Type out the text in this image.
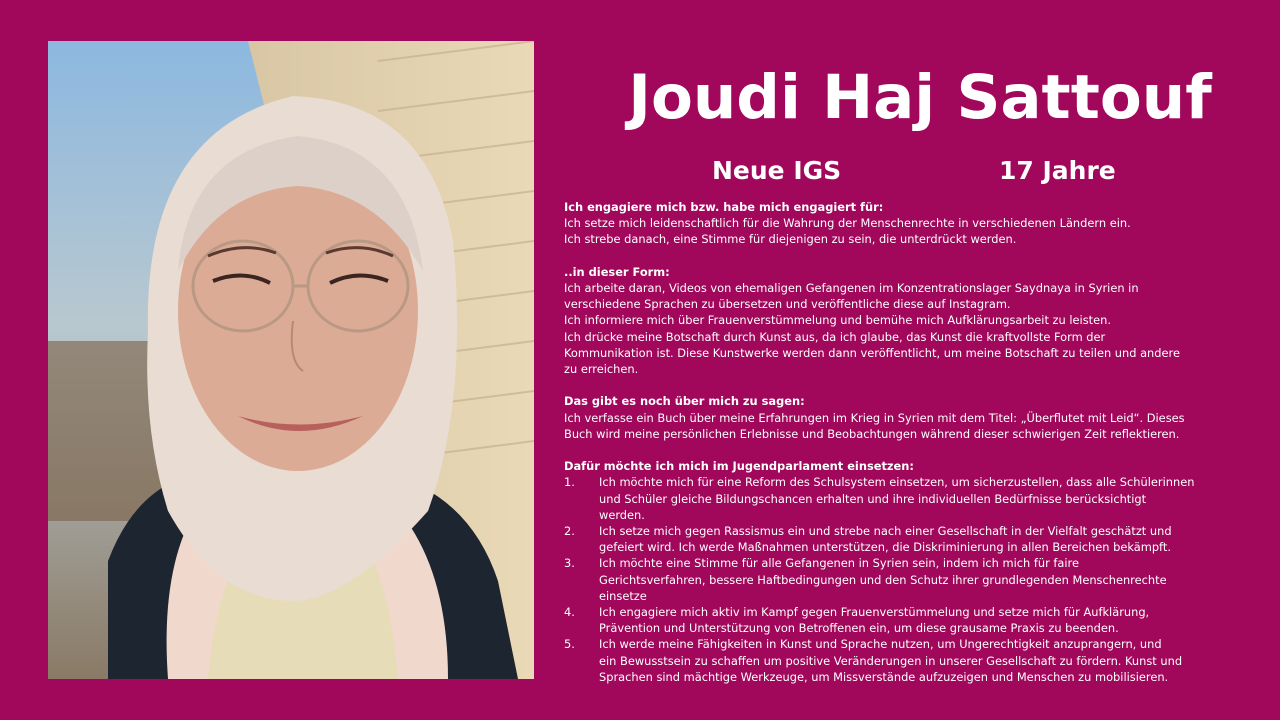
Joudi Haj Sattouf
Neue IGS	17 Jahre

Ich engagiere mich bzw. habe mich engagiert für:

Ich setze mich leidenschaftlich für die Wahrung der Menschenrechte in verschiedenen Ländern ein.

Ich strebe danach, eine Stimme für diejenigen zu sein, die unterdrückt werden.

..in dieser Form:

Ich arbeite daran, Videos von ehemaligen Gefangenen im Konzentrationslager Saydnaya in Syrien in

verschiedene Sprachen zu übersetzen und veröffentliche diese auf Instagram.

Ich informiere mich über Frauenverstümmelung und bemühe mich Aufklärungsarbeit zu leisten.

Ich drücke meine Botschaft durch Kunst aus, da ich glaube, das Kunst die kraftvollste Form der

Kommunikation ist. Diese Kunstwerke werden dann veröffentlicht, um meine Botschaft zu teilen und andere

zu erreichen.

Das gibt es noch über mich zu sagen:

Ich verfasse ein Buch über meine Erfahrungen im Krieg in Syrien mit dem Titel: „Überflutet mit Leid“. Dieses

Buch wird meine persönlichen Erlebnisse und Beobachtungen während dieser schwierigen Zeit reflektieren.

Dafür möchte ich mich im Jugendparlament einsetzen:

1. Ich möchte mich für eine Reform des Schulsystem einsetzen, um sicherzustellen, dass alle Schülerinnen

und Schüler gleiche Bildungschancen erhalten und ihre individuellen Bedürfnisse berücksichtigt

werden.

2. Ich setze mich gegen Rassismus ein und strebe nach einer Gesellschaft in der Vielfalt geschätzt und

gefeiert wird. Ich werde Maßnahmen unterstützen, die Diskriminierung in allen Bereichen bekämpft.

3. Ich möchte eine Stimme für alle Gefangenen in Syrien sein, indem ich mich für faire

Gerichtsverfahren, bessere Haftbedingungen und den Schutz ihrer grundlegenden Menschenrechte

einsetze

4. Ich engagiere mich aktiv im Kampf gegen Frauenverstümmelung und setze mich für Aufklärung,

Prävention und Unterstützung von Betroffenen ein, um diese grausame Praxis zu beenden.

5. Ich werde meine Fähigkeiten in Kunst und Sprache nutzen, um Ungerechtigkeit anzuprangern, und

ein Bewusstsein zu schaffen um positive Veränderungen in unserer Gesellschaft zu fördern. Kunst und

Sprachen sind mächtige Werkzeuge, um Missverstände aufzuzeigen und Menschen zu mobilisieren.
